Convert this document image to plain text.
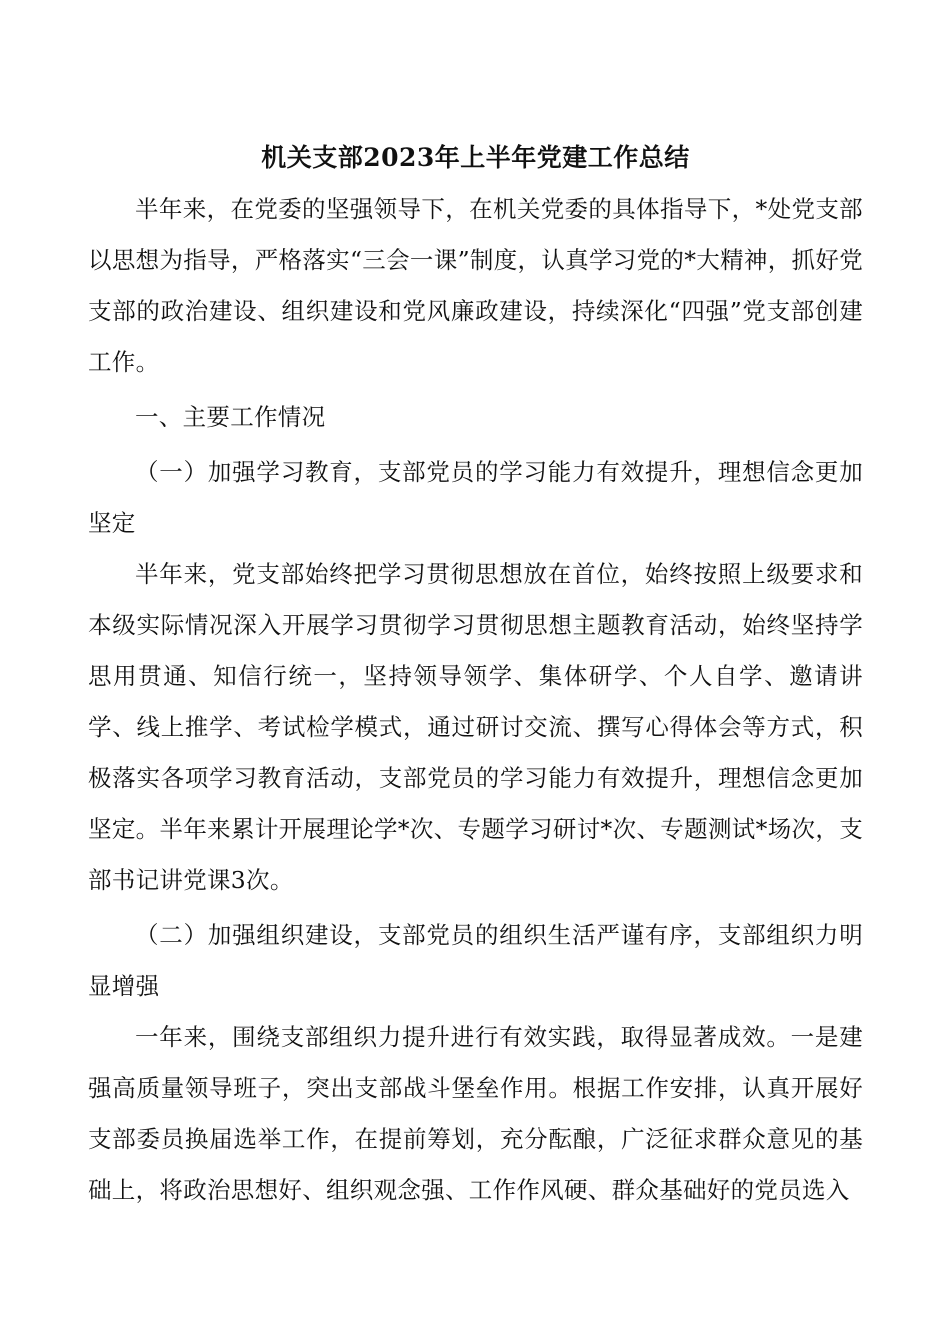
机关支部2023年上半年党建工作总结

半年来，在党委的坚强领导下，在机关党委的具体指导下，*处党支部以思想为指导，严格落实“三会一课”制度，认真学习党的*大精神，抓好党支部的政治建设、组织建设和党风廉政建设，持续深化“四强”党支部创建工作。

一、主要工作情况

（一）加强学习教育，支部党员的学习能力有效提升，理想信念更加坚定

半年来，党支部始终把学习贯彻思想放在首位，始终按照上级要求和本级实际情况深入开展学习贯彻学习贯彻思想主题教育活动，始终坚持学思用贯通、知信行统一，坚持领导领学、集体研学、个人自学、邀请讲学、线上推学、考试检学模式，通过研讨交流、撰写心得体会等方式，积极落实各项学习教育活动，支部党员的学习能力有效提升，理想信念更加坚定。半年来累计开展理论学*次、专题学习研讨*次、专题测试*场次，支部书记讲党课3次。

（二）加强组织建设，支部党员的组织生活严谨有序，支部组织力明显增强

一年来，围绕支部组织力提升进行有效实践，取得显著成效。一是建强高质量领导班子，突出支部战斗堡垒作用。根据工作安排，认真开展好支部委员换届选举工作，在提前筹划，充分酝酿，广泛征求群众意见的基础上，将政治思想好、组织观念强、工作作风硬、群众基础好的党员选入
